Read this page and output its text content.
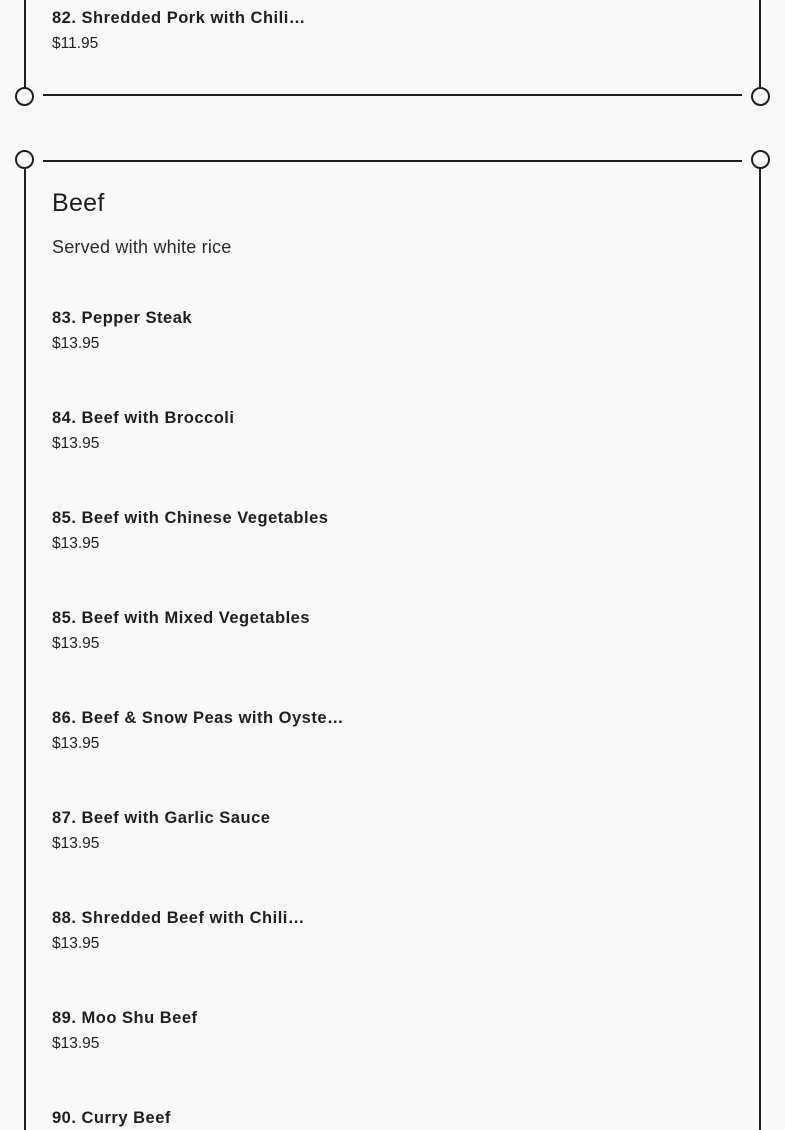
82. Shredded Pork with Chili…
$11.95
Beef

Served with white rice

83. Pepper Steak
$13.95
84. Beef with Broccoli
$13.95
85. Beef with Chinese Vegetables
$13.95
85. Beef with Mixed Vegetables
$13.95
86. Beef & Snow Peas with Oyste…
$13.95
87. Beef with Garlic Sauce
$13.95
88. Shredded Beef with Chili…
$13.95
89. Moo Shu Beef
$13.95
90. Curry Beef
